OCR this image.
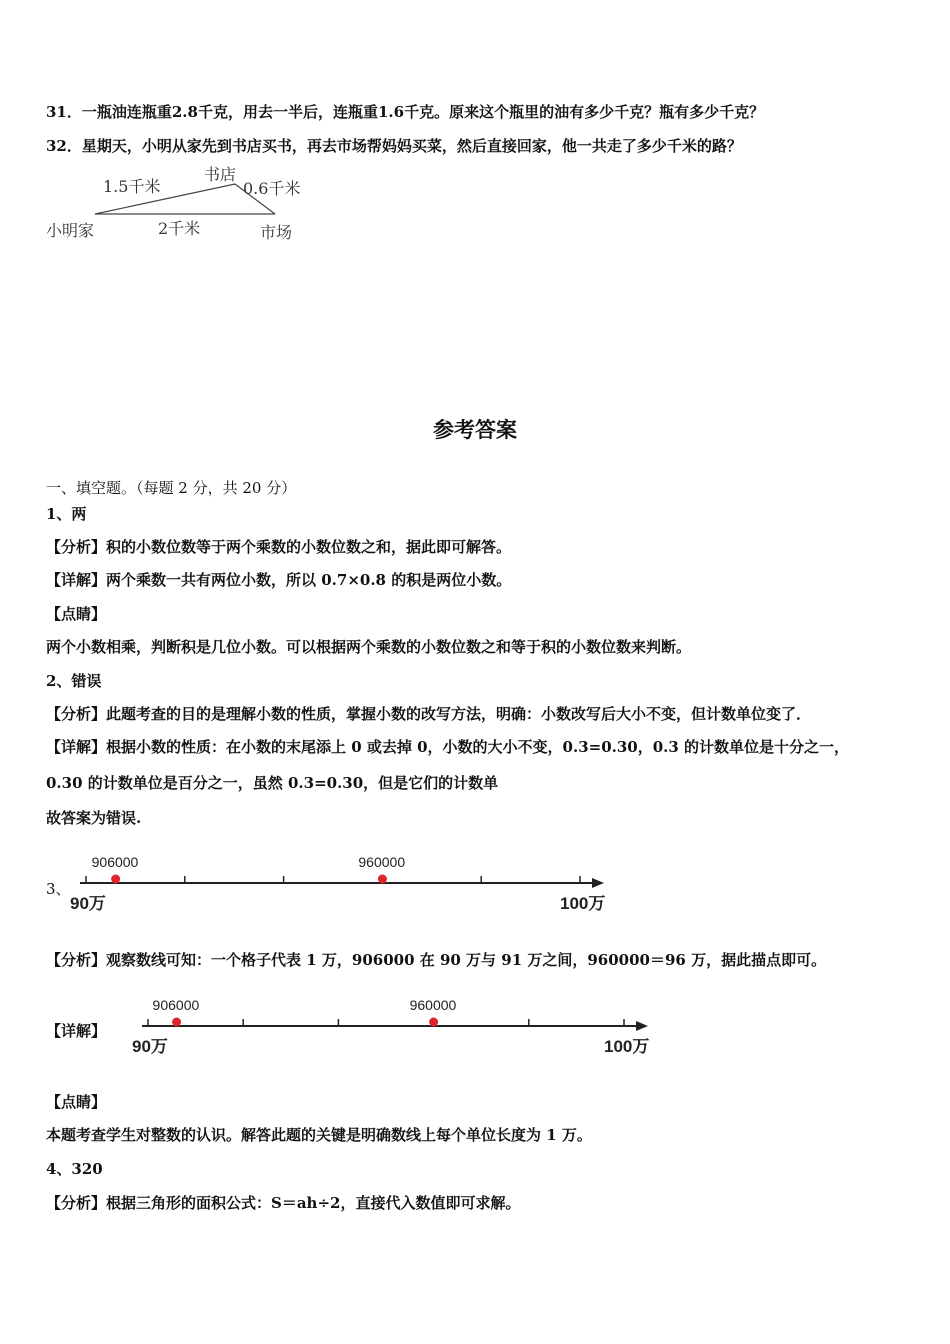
31．一瓶油连瓶重2.8千克，用去一半后，连瓶重1.6千克。原来这个瓶里的油有多少千克？瓶有多少千克？
32．星期天，小明从家先到书店买书，再去市场帮妈妈买菜，然后直接回家，他一共走了多少千米的路？
1.5千米
书店
0.6千米
小明家	2千米	市场
参考答案
一、填空题。（每题 2 分，共 20 分）
1、两
【分析】积的小数位数等于两个乘数的小数位数之和，据此即可解答。
【详解】两个乘数一共有两位小数，所以 0.7×0.8 的积是两位小数。
【点睛】
两个小数相乘，判断积是几位小数。可以根据两个乘数的小数位数之和等于积的小数位数来判断。
2、错误
【分析】此题考查的目的是理解小数的性质，掌握小数的改写方法，明确：小数改写后大小不变，但计数单位变了．
【详解】根据小数的性质：在小数的末尾添上 0 或去掉 0，小数的大小不变，0.3=0.30，0.3 的计数单位是十分之一，
0.30 的计数单位是百分之一，虽然 0.3=0.30，但是它们的计数单
故答案为错误.
3、
906000	960000
90万	100万
【分析】观察数线可知：一个格子代表 1 万，906000 在 90 万与 91 万之间，960000＝96 万，据此描点即可。
【详解】
906000	960000
90万	100万
【点睛】
本题考查学生对整数的认识。解答此题的关键是明确数线上每个单位长度为 1 万。
4、320
【分析】根据三角形的面积公式：S＝ah÷2，直接代入数值即可求解。
